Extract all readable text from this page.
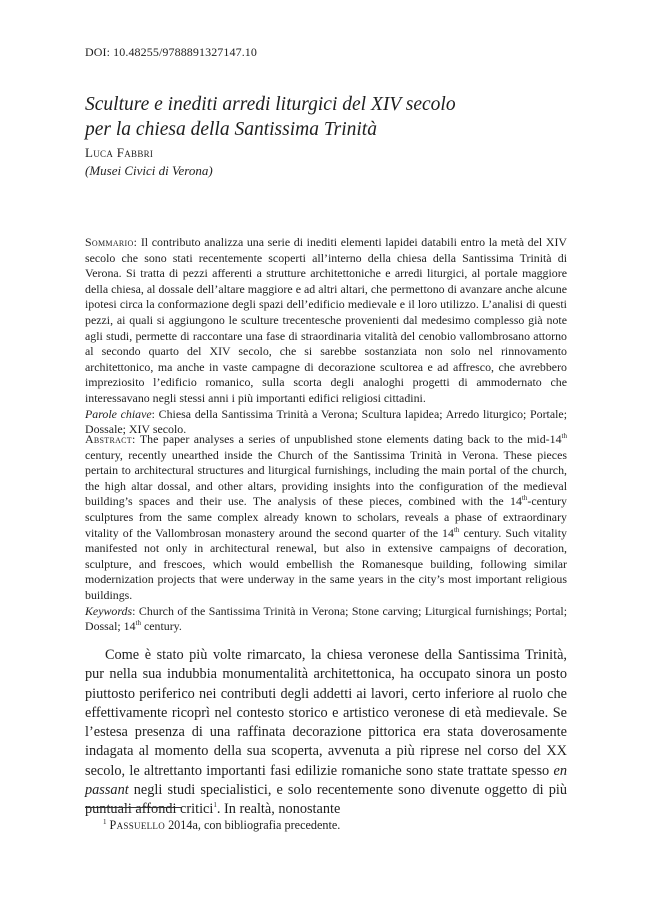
DOI: 10.48255/9788891327147.10
Sculture e inediti arredi liturgici del XIV secolo
per la chiesa della Santissima Trinità
Luca Fabbri
(Musei Civici di Verona)

Sommario: Il contributo analizza una serie di inediti elementi lapidei databili entro la metà del XIV secolo che sono stati recentemente scoperti all’interno della chiesa della Santissima Trinità di Verona. Si tratta di pezzi afferenti a strutture architettoniche e arredi liturgici, al portale maggiore della chiesa, al dossale dell’altare maggiore e ad altri altari, che permettono di avanzare anche alcune ipotesi circa la conformazione degli spazi dell’edificio medievale e il loro utilizzo. L’analisi di questi pezzi, ai quali si aggiungono le sculture trecentesche provenienti dal medesimo complesso già note agli studi, permette di raccontare una fase di straordinaria vitalità del cenobio vallombrosano attorno al secondo quarto del XIV secolo, che si sarebbe sostanziata non solo nel rinnovamento architettonico, ma anche in vaste campagne di decorazione scultorea e ad affresco, che avrebbero impreziosito l’edificio romanico, sulla scorta degli analoghi progetti di ammodernato che interessavano negli stessi anni i più importanti edifici religiosi cittadini.
Parole chiave: Chiesa della Santissima Trinità a Verona; Scultura lapidea; Arredo liturgico; Portale; Dossale; XIV secolo.

Abstract: The paper analyses a series of unpublished stone elements dating back to the mid-14th century, recently unearthed inside the Church of the Santissima Trinità in Verona. These pieces pertain to architectural structures and liturgical furnishings, including the main portal of the church, the high altar dossal, and other altars, providing insights into the configuration of the medieval building’s spaces and their use. The analysis of these pieces, combined with the 14th-century sculptures from the same complex already known to scholars, reveals a phase of extraordinary vitality of the Vallombrosan monastery around the second quarter of the 14th century. Such vitality manifested not only in architectural renewal, but also in extensive campaigns of decoration, sculpture, and frescoes, which would embellish the Romanesque building, following similar modernization projects that were underway in the same years in the city’s most important religious buildings.
Keywords: Church of the Santissima Trinità in Verona; Stone carving; Liturgical furnishings; Portal; Dossal; 14th century.

Come è stato più volte rimarcato, la chiesa veronese della Santissima Trinità, pur nella sua indubbia monumentalità architettonica, ha occupato sinora un posto piuttosto periferico nei contributi degli addetti ai lavori, certo inferiore al ruolo che effettivamente ricoprì nel contesto storico e artistico veronese di età medievale. Se l’estesa presenza di una raffinata decorazione pittorica era stata doverosamente indagata al momento della sua scoperta, avvenuta a più riprese nel corso del XX secolo, le altrettanto importanti fasi edilizie romaniche sono state trattate spesso en passant negli studi specialistici, e solo recentemente sono divenute oggetto di più puntuali affondi critici$^1$. In realtà, nonostante

$^1$ Passuello 2014a, con bibliografia precedente.
